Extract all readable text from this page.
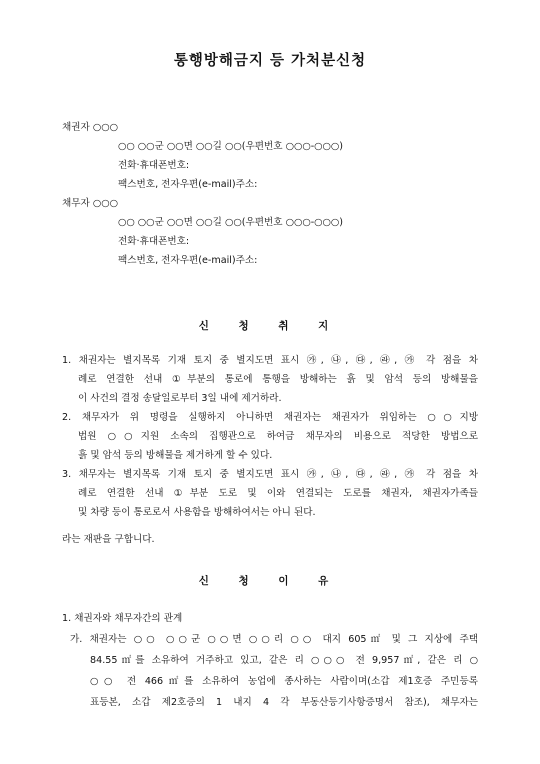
통행방해금지 등 가처분신청
채권자 ○○○
○○ ○○군 ○○면 ○○길 ○○(우편번호 ○○○-○○○)
전화·휴대폰번호:
팩스번호, 전자우편(e-mail)주소:
채무자 ○○○
○○ ○○군 ○○면 ○○길 ○○(우편번호 ○○○-○○○)
전화·휴대폰번호:
팩스번호, 전자우편(e-mail)주소:
신 청 취 지
1. 채권자는 별지목록 기재 토지 중 별지도면 표시 ㉮, ㉯, ㉰, ㉱, ㉮ 각 점을 차
례로 연결한 선내 ①부분의 통로에 통행을 방해하는 흙 및 암석 등의 방해물을
이 사건의 결정 송달일로부터 3일 내에 제거하라.
2. 채무자가 위 명령을 실행하지 아니하면 채권자는 채권자가 위임하는 ○○지방
법원 ○○지원 소속의 집행관으로 하여금 채무자의 비용으로 적당한 방법으로
흙 및 암석 등의 방해물을 제거하게 할 수 있다.
3. 채무자는 별지목록 기재 토지 중 별지도면 표시 ㉮, ㉯, ㉰, ㉱, ㉮ 각 점을 차
례로 연결한 선내 ①부분 도로 및 이와 연결되는 도로를 채권자, 채권자가족들
및 차량 등이 통로로서 사용함을 방해하여서는 아니 된다.
라는 재판을 구합니다.
신 청 이 유
1. 채권자와 채무자간의 관계
가. 채권자는 ○○ ○○군 ○○면 ○○리 ○○ 대지 605㎡ 및 그 지상에 주택
84.55㎡를 소유하여 거주하고 있고, 같은 리 ○○○ 전 9,957㎡, 같은 리 ○
○○ 전 466㎡를 소유하여 농업에 종사하는 사람이며(소갑 제1호증 주민등록
표등본, 소갑 제2호증의 1 내지 4 각 부동산등기사항증명서 참조), 채무자는
